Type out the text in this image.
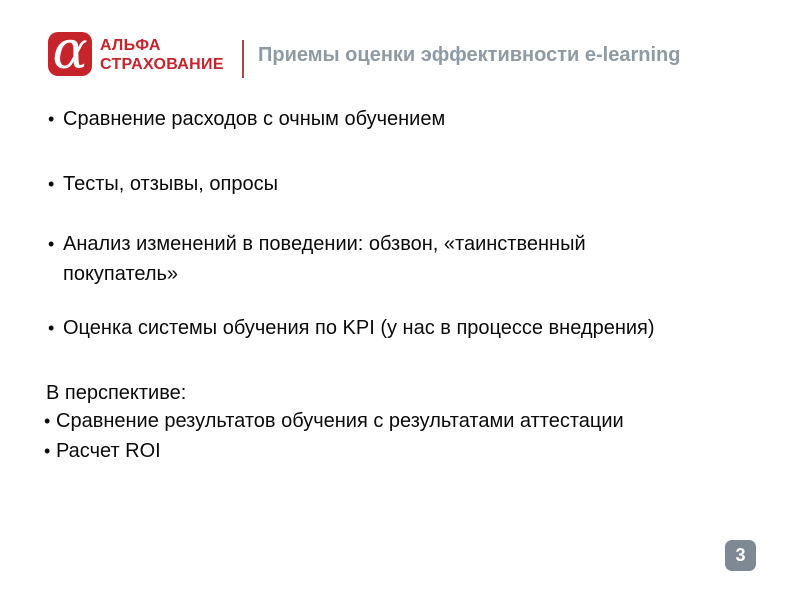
α АЛЬФА
СТРАХОВАНИЕ Приемы оценки эффективности e-learning
• Сравнение расходов с очным обучением
• Тесты, отзывы, опросы
• Анализ изменений в поведении: обзвон, «таинственный покупатель»
• Оценка системы обучения по KPI (у нас в процессе внедрения)
В перспективе:
• Сравнение результатов обучения с результатами аттестации
• Расчет ROI
3
